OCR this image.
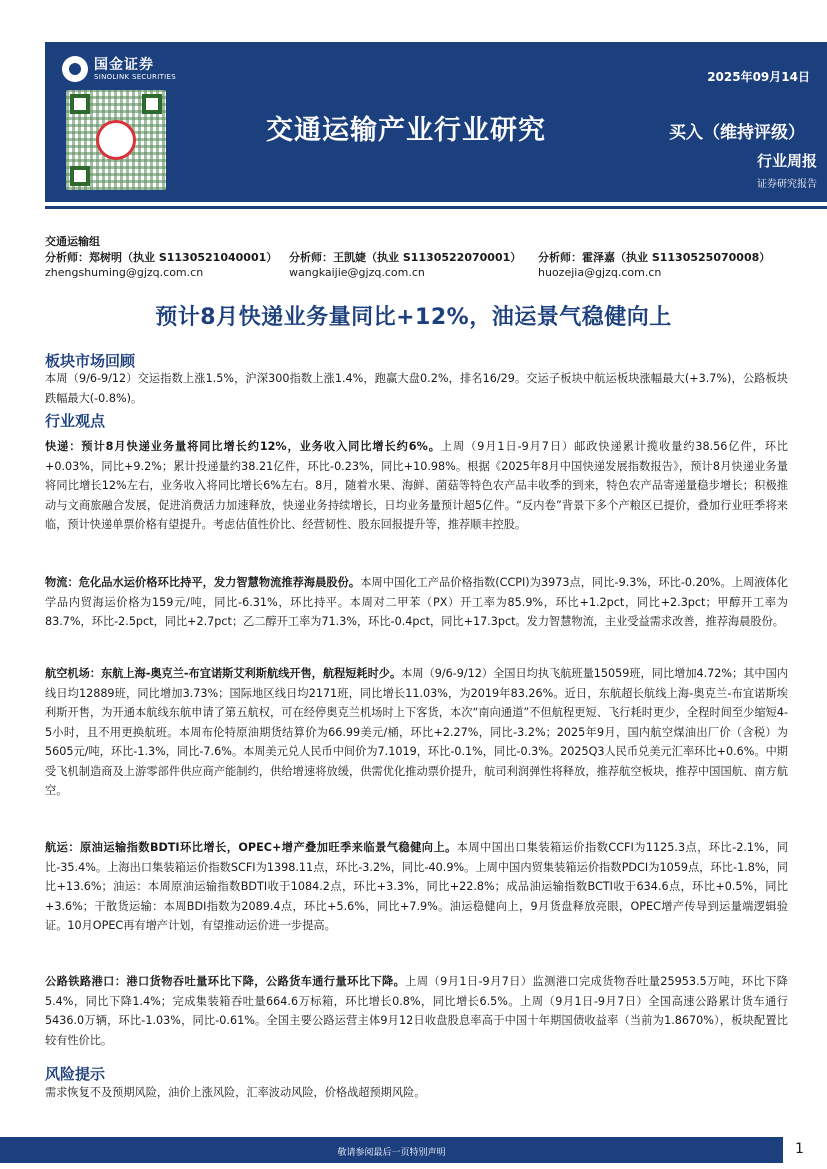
国金证券
SINOLINK SECURITIES	2025年09月14日
交通运输产业行业研究	买入（维持评级）
行业周报
证券研究报告
交通运输组
分析师：郑树明（执业 S1130521040001） 分析师：王凯婕（执业 S1130522070001） 分析师：霍泽嘉（执业 S1130525070008）
zhengshuming@gjzq.com.cn	wangkaijie@gjzq.com.cn	huozejia@gjzq.com.cn
预计8月快递业务量同比+12%，油运景气稳健向上
板块市场回顾
本周（9/6-9/12）交运指数上涨1.5%，沪深300指数上涨1.4%，跑赢大盘0.2%，排名16/29。交运子板块中航运板块涨幅最大(+3.7%)，公路板块跌幅最大(-0.8%)。
行业观点
快递：预计8月快递业务量将同比增长约12%，业务收入同比增长约6%。上周（9月1日-9月7日）邮政快递累计揽收量约38.56亿件，环比+0.03%，同比+9.2%；累计投递量约38.21亿件，环比-0.23%，同比+10.98%。根据《2025年8月中国快递发展指数报告》，预计8月快递业务量将同比增长12%左右，业务收入将同比增长6%左右。8月，随着水果、海鲜、菌菇等特色农产品丰收季的到来，特色农产品寄递量稳步增长；积极推动与文商旅融合发展，促进消费活力加速释放，快递业务持续增长，日均业务量预计超5亿件。“反内卷”背景下多个产粮区已提价，叠加行业旺季将来临，预计快递单票价格有望提升。考虑估值性价比、经营韧性、股东回报提升等，推荐顺丰控股。
物流：危化品水运价格环比持平，发力智慧物流推荐海晨股份。本周中国化工产品价格指数(CCPI)为3973点，同比-9.3%，环比-0.20%。上周液体化学品内贸海运价格为159元/吨，同比-6.31%，环比持平。本周对二甲苯（PX）开工率为85.9%，环比+1.2pct，同比+2.3pct；甲醇开工率为83.7%，环比-2.5pct，同比+2.7pct；乙二醇开工率为71.3%，环比-0.4pct，同比+17.3pct。发力智慧物流，主业受益需求改善，推荐海晨股份。
航空机场：东航上海-奥克兰-布宜诺斯艾利斯航线开售，航程短耗时少。本周（9/6-9/12）全国日均执飞航班量15059班，同比增加4.72%；其中国内线日均12889班，同比增加3.73%；国际地区线日均2171班，同比增长11.03%，为2019年83.26%。近日，东航超长航线上海-奥克兰-布宜诺斯埃利斯开售，为开通本航线东航申请了第五航权，可在经停奥克兰机场时上下客货，本次“南向通道”不但航程更短、飞行耗时更少，全程时间至少缩短4-5小时，且不用更换航班。本周布伦特原油期货结算价为66.99美元/桶，环比+2.27%，同比-3.2%；2025年9月，国内航空煤油出厂价（含税）为5605元/吨，环比-1.3%，同比-7.6%。本周美元兑人民币中间价为7.1019，环比-0.1%，同比-0.3%。2025Q3人民币兑美元汇率环比+0.6%。中期受飞机制造商及上游零部件供应商产能制约，供给增速将放缓，供需优化推动票价提升，航司利润弹性将释放，推荐航空板块，推荐中国国航、南方航空。
航运：原油运输指数BDTI环比增长，OPEC+增产叠加旺季来临景气稳健向上。本周中国出口集装箱运价指数CCFI为1125.3点，环比-2.1%，同比-35.4%。上海出口集装箱运价指数SCFI为1398.11点，环比-3.2%，同比-40.9%。上周中国内贸集装箱运价指数PDCI为1059点，环比-1.8%，同比+13.6%；油运：本周原油运输指数BDTI收于1084.2点，环比+3.3%，同比+22.8%；成品油运输指数BCTI收于634.6点，环比+0.5%，同比+3.6%；干散货运输：本周BDI指数为2089.4点，环比+5.6%，同比+7.9%。油运稳健向上，9月货盘释放亮眼，OPEC增产传导到运量端逻辑验证。10月OPEC再有增产计划，有望推动运价进一步提高。
公路铁路港口：港口货物吞吐量环比下降，公路货车通行量环比下降。上周（9月1日-9月7日）监测港口完成货物吞吐量25953.5万吨，环比下降5.4%，同比下降1.4%；完成集装箱吞吐量664.6万标箱，环比增长0.8%，同比增长6.5%。上周（9月1日-9月7日）全国高速公路累计货车通行5436.0万辆，环比-1.03%，同比-0.61%。全国主要公路运营主体9月12日收盘股息率高于中国十年期国债收益率（当前为1.8670%），板块配置比较有性价比。
风险提示
需求恢复不及预期风险，油价上涨风险，汇率波动风险，价格战超预期风险。
敬请参阅最后一页特别声明	1
